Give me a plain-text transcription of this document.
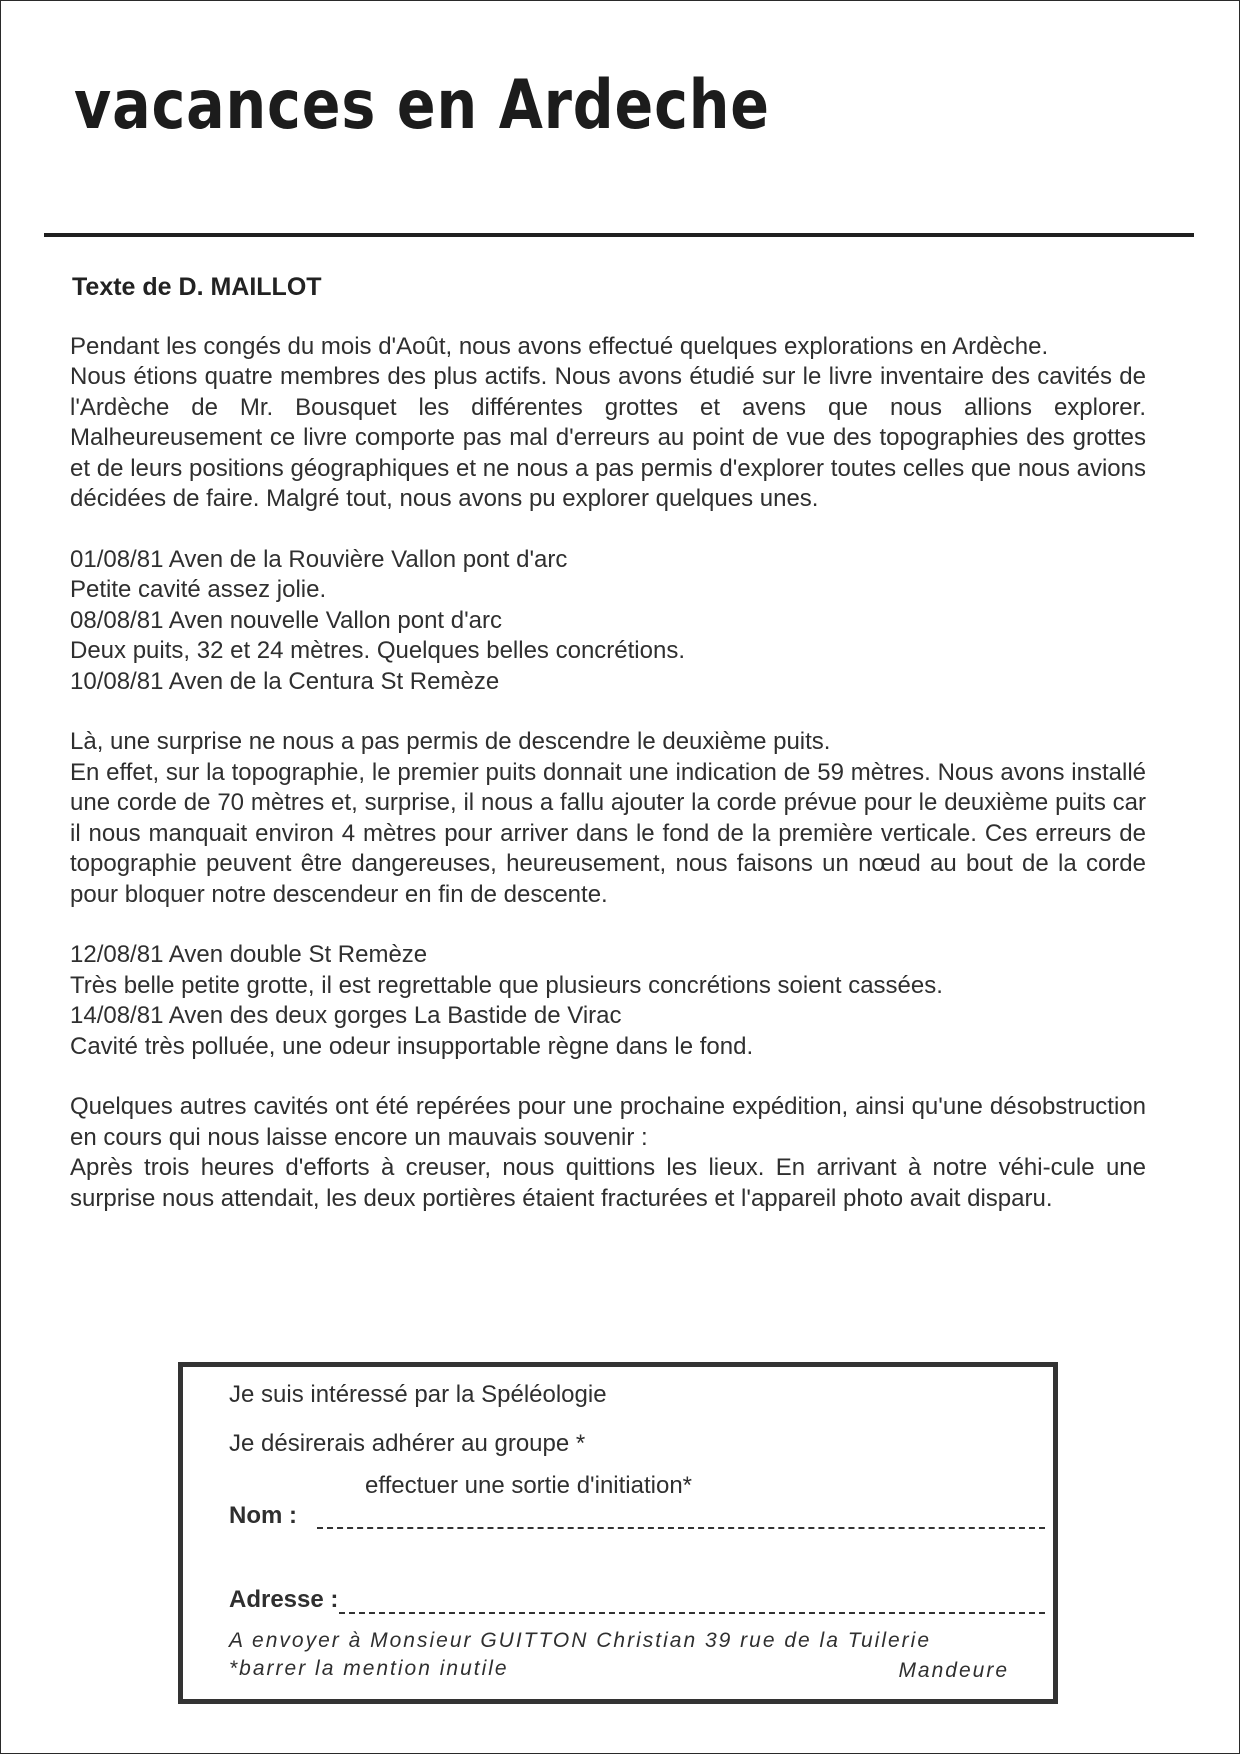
vacances en Ardeche
Texte de D. MAILLOT

Pendant les congés du mois d'Août, nous avons effectué quelques explorations en Ardèche.
Nous étions quatre membres des plus actifs. Nous avons étudié sur le livre inventaire des cavités de l'Ardèche de Mr. Bousquet les différentes grottes et avens que nous allions explorer. Malheureusement ce livre comporte pas mal d'erreurs au point de vue des topographies des grottes et de leurs positions géographiques et ne nous a pas permis d'explorer toutes celles que nous avions décidées de faire. Malgré tout, nous avons pu explorer quelques unes.

01/08/81 Aven de la Rouvière Vallon pont d'arc
Petite cavité assez jolie.
08/08/81 Aven nouvelle Vallon pont d'arc
Deux puits, 32 et 24 mètres. Quelques belles concrétions.
10/08/81 Aven de la Centura St Remèze

Là, une surprise ne nous a pas permis de descendre le deuxième puits.
En effet, sur la topographie, le premier puits donnait une indication de 59 mètres. Nous avons installé une corde de 70 mètres et, surprise, il nous a fallu ajouter la corde prévue pour le deuxième puits car il nous manquait environ 4 mètres pour arriver dans le fond de la première verticale. Ces erreurs de topographie peuvent être dangereuses, heureusement, nous faisons un nœud au bout de la corde pour bloquer notre descendeur en fin de descente.

12/08/81 Aven double St Remèze
Très belle petite grotte, il est regrettable que plusieurs concrétions soient cassées.
14/08/81 Aven des deux gorges La Bastide de Virac
Cavité très polluée, une odeur insupportable règne dans le fond.

Quelques autres cavités ont été repérées pour une prochaine expédition, ainsi qu'une désobstruction en cours qui nous laisse encore un mauvais souvenir :
Après trois heures d'efforts à creuser, nous quittions les lieux. En arrivant à notre véhi-cule une surprise nous attendait, les deux portières étaient fracturées et l'appareil photo avait disparu.

Je suis intéressé par la Spéléologie
Je désirerais adhérer au groupe *
effectuer une sortie d'initiation*
Nom :
Adresse :
A envoyer à Monsieur GUITTON Christian 39 rue de la Tuilerie
*barrer la mention inutile	Mandeure
